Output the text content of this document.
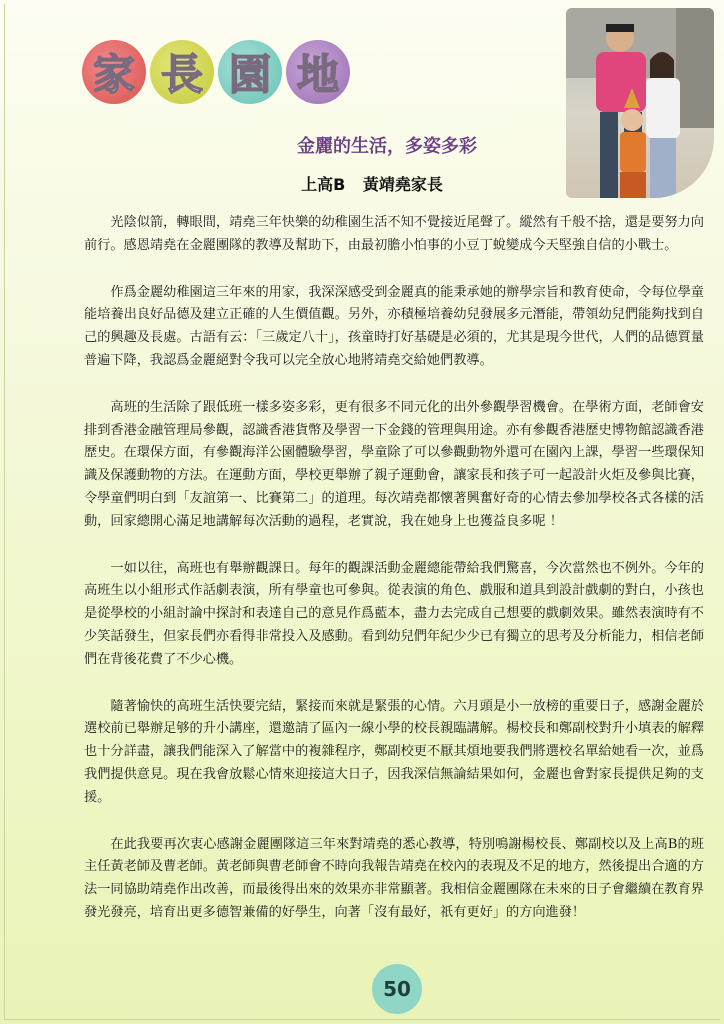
家 長 園 地
金麗的生活，多姿多彩
上高B 黃靖堯家長

光陰似箭，轉眼間，靖堯三年快樂的幼稚園生活不知不覺接近尾聲了。縱然有千般不捨，還是要努力向前行。感恩靖堯在金麗團隊的教導及幫助下，由最初膽小怕事的小豆丁蛻變成今天堅強自信的小戰士。

作爲金麗幼稚園這三年來的用家，我深深感受到金麗真的能秉承她的辦學宗旨和教育使命，令每位學童能培養出良好品德及建立正確的人生價值觀。另外，亦積極培養幼兒發展多元潛能，帶領幼兒們能夠找到自己的興趣及長處。古語有云：「三歲定八十」，孩童時打好基礎是必須的，尤其是現今世代，人們的品德質量普遍下降，我認爲金麗絕對令我可以完全放心地將靖堯交給她們教導。

高班的生活除了跟低班一樣多姿多彩，更有很多不同元化的出外參觀學習機會。在學術方面，老師會安排到香港金融管理局參觀，認識香港貨幣及學習一下金錢的管理與用途。亦有參觀香港歷史博物館認識香港歷史。在環保方面，有參觀海洋公園體驗學習，學童除了可以參觀動物外還可在園內上課，學習一些環保知識及保護動物的方法。在運動方面，學校更舉辦了親子運動會，讓家長和孩子可一起設計火炬及參與比賽，令學童們明白到「友誼第一、比賽第二」的道理。每次靖堯都懷著興奮好奇的心情去參加學校各式各樣的活動，回家總開心滿足地講解每次活動的過程，老實說，我在她身上也獲益良多呢 ！

一如以往，高班也有舉辦觀課日。每年的觀課活動金麗總能帶給我們驚喜，今次當然也不例外。今年的高班生以小組形式作話劇表演，所有學童也可參與。從表演的角色、戲服和道具到設計戲劇的對白，小孩也是從學校的小組討論中探討和表達自己的意見作爲藍本，盡力去完成自己想要的戲劇效果。雖然表演時有不少笑話發生，但家長們亦看得非常投入及感動。看到幼兒們年紀少少已有獨立的思考及分析能力，相信老師們在背後花費了不少心機。

隨著愉快的高班生活快要完結，緊接而來就是緊張的心情。六月頭是小一放榜的重要日子，感謝金麗於選校前已舉辦足够的升小講座，還邀請了區內一線小學的校長親臨講解。楊校長和鄭副校對升小填表的解釋也十分詳盡，讓我們能深入了解當中的複雜程序，鄭副校更不厭其煩地要我們將選校名單給她看一次，並爲我們提供意見。現在我會放鬆心情來迎接這大日子，因我深信無論結果如何，金麗也會對家長提供足夠的支援。

在此我要再次衷心感謝金麗團隊這三年來對靖堯的悉心教導，特別鳴謝楊校長、鄭副校以及上高B的班主任黃老師及曹老師。黃老師與曹老師會不時向我報告靖堯在校內的表現及不足的地方，然後提出合適的方法一同協助靖堯作出改善，而最後得出來的效果亦非常顯著。我相信金麗團隊在未來的日子會繼續在教育界發光發亮，培育出更多德智兼備的好學生，向著「沒有最好，祇有更好」的方向進發！

50
